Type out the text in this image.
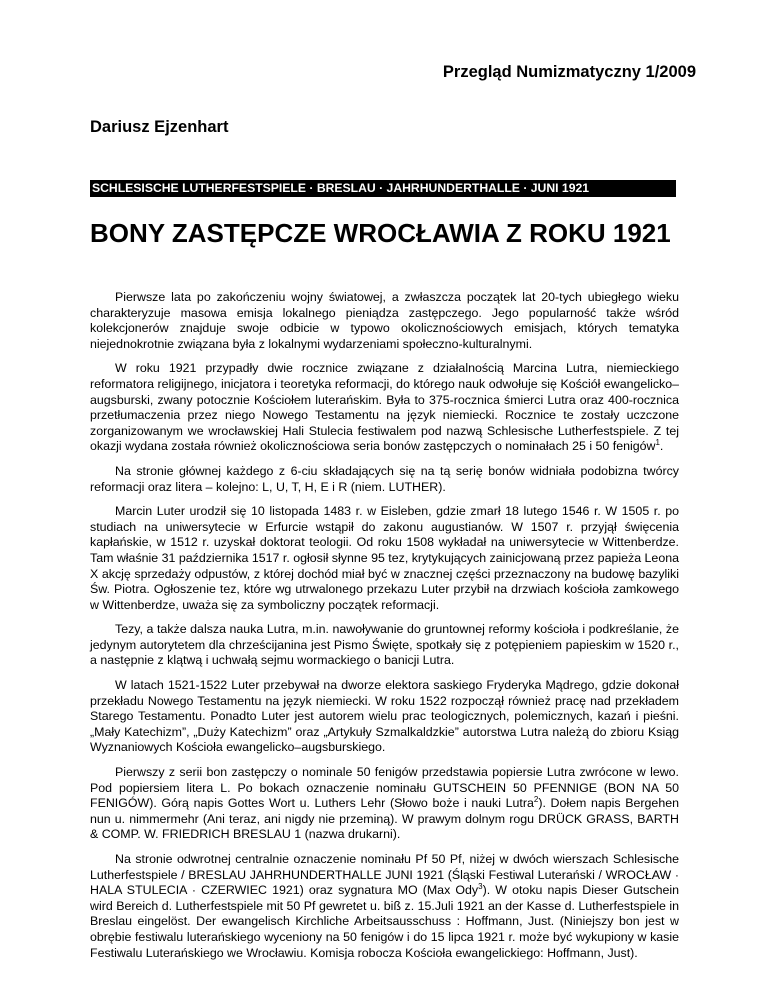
Przegląd Numizmatyczny 1/2009
Dariusz Ejzenhart
SCHLESISCHE LUTHERFESTSPIELE · BRESLAU · JAHRHUNDERTHALLE · JUNI 1921
BONY ZASTĘPCZE WROCŁAWIA Z ROKU 1921

Pierwsze lata po zakończeniu wojny światowej, a zwłaszcza początek lat 20-tych ubiegłego wieku charakteryzuje masowa emisja lokalnego pieniądza zastępczego. Jego popularność także wśród kolekcjonerów znajduje swoje odbicie w typowo okolicznościowych emisjach, których tematyka niejednokrotnie związana była z lokalnymi wydarzeniami społeczno-kulturalnymi.

W roku 1921 przypadły dwie rocznice związane z działalnością Marcina Lutra, niemieckiego reformatora religijnego, inicjatora i teoretyka reformacji, do którego nauk odwołuje się Kościół ewangelicko–augsburski, zwany potocznie Kościołem luterańskim. Była to 375-rocznica śmierci Lutra oraz 400-rocznica przetłumaczenia przez niego Nowego Testamentu na język niemiecki. Rocznice te zostały uczczone zorganizowanym we wrocławskiej Hali Stulecia festiwalem pod nazwą Schlesische Lutherfestspiele. Z tej okazji wydana została również okolicznościowa seria bonów zastępczych o nominałach 25 i 50 fenigów$^1$.

Na stronie głównej każdego z 6-ciu składających się na tą serię bonów widniała podobizna twórcy reformacji oraz litera – kolejno: L, U, T, H, E i R (niem. LUTHER).

Marcin Luter urodził się 10 listopada 1483 r. w Eisleben, gdzie zmarł 18 lutego 1546 r. W 1505 r. po studiach na uniwersytecie w Erfurcie wstąpił do zakonu augustianów. W 1507 r. przyjął święcenia kapłańskie, w 1512 r. uzyskał doktorat teologii. Od roku 1508 wykładał na uniwersytecie w Wittenberdze. Tam właśnie 31 października 1517 r. ogłosił słynne 95 tez, krytykujących zainicjowaną przez papieża Leona X akcję sprzedaży odpustów, z której dochód miał być w znacznej części przeznaczony na budowę bazyliki Św. Piotra. Ogłoszenie tez, które wg utrwalonego przekazu Luter przybił na drzwiach kościoła zamkowego w Wittenberdze, uważa się za symboliczny początek reformacji.

Tezy, a także dalsza nauka Lutra, m.in. nawoływanie do gruntownej reformy kościoła i podkreślanie, że jedynym autorytetem dla chrześcijanina jest Pismo Święte, spotkały się z potępieniem papieskim w 1520 r., a następnie z klątwą i uchwałą sejmu wormackiego o banicji Lutra.

W latach 1521-1522 Luter przebywał na dworze elektora saskiego Fryderyka Mądrego, gdzie dokonał przekładu Nowego Testamentu na język niemiecki. W roku 1522 rozpoczął również pracę nad przekładem Starego Testamentu. Ponadto Luter jest autorem wielu prac teologicznych, polemicznych, kazań i pieśni. „Mały Katechizm”, „Duży Katechizm” oraz „Artykuły Szmalkaldzkie” autorstwa Lutra należą do zbioru Ksiąg Wyznaniowych Kościoła ewangelicko–augsburskiego.

Pierwszy z serii bon zastępczy o nominale 50 fenigów przedstawia popiersie Lutra zwrócone w lewo. Pod popiersiem litera L. Po bokach oznaczenie nominału GUTSCHEIN 50 PFENNIGE (BON NA 50 FENIGÓW). Górą napis Gottes Wort u. Luthers Lehr (Słowo boże i nauki Lutra$^2$). Dołem napis Bergehen nun u. nimmermehr (Ani teraz, ani nigdy nie przeminą). W prawym dolnym rogu DRÜCK GRASS, BARTH & COMP. W. FRIEDRICH BRESLAU 1 (nazwa drukarni).

Na stronie odwrotnej centralnie oznaczenie nominału Pf 50 Pf, niżej w dwóch wierszach Schlesische Lutherfestspiele / BRESLAU JAHRHUNDERTHALLE JUNI 1921 (Śląski Festiwal Luterański / WROCŁAW · HALA STULECIA · CZERWIEC 1921) oraz sygnatura MO (Max Ody$^3$). W otoku napis Dieser Gutschein wird Bereich d. Lutherfestspiele mit 50 Pf gewretet u. biß z. 15.Juli 1921 an der Kasse d. Lutherfestspiele in Breslau eingelöst. Der ewangelisch Kirchliche Arbeitsausschuss : Hoffmann, Just. (Niniejszy bon jest w obrębie festiwalu luterańskiego wyceniony na 50 fenigów i do 15 lipca 1921 r. może być wykupiony w kasie Festiwalu Luterańskiego we Wrocławiu. Komisja robocza Kościoła ewangelickiego: Hoffmann, Just).
